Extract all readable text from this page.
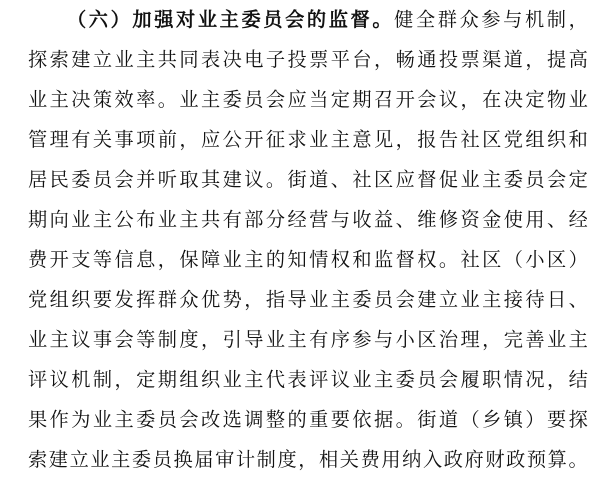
（六）加强对业主委员会的监督。健全群众参与机制，
探索建立业主共同表决电子投票平台，畅通投票渠道，提高
业主决策效率。业主委员会应当定期召开会议，在决定物业
管理有关事项前，应公开征求业主意见，报告社区党组织和
居民委员会并听取其建议。街道、社区应督促业主委员会定
期向业主公布业主共有部分经营与收益、维修资金使用、经
费开支等信息，保障业主的知情权和监督权。社区（小区）
党组织要发挥群众优势，指导业主委员会建立业主接待日、
业主议事会等制度，引导业主有序参与小区治理，完善业主
评议机制，定期组织业主代表评议业主委员会履职情况，结
果作为业主委员会改选调整的重要依据。街道（乡镇）要探
索建立业主委员换届审计制度，相关费用纳入政府财政预算。
